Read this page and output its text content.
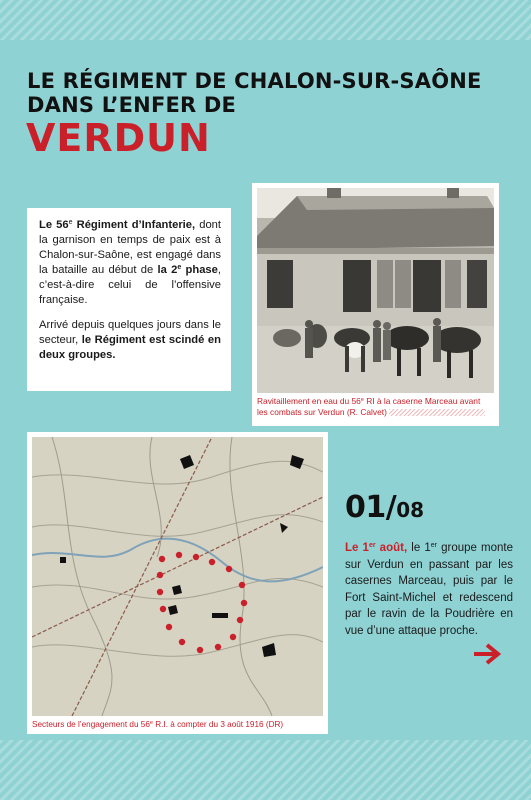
LE RÉGIMENT DE CHALON-SUR-SAÔNE
DANS L’ENFER DE
VERDUN

Le 56e Régiment d’Infanterie, dont la garnison en temps de paix est à Chalon-sur-Saône, est engagé dans la bataille au début de la 2e phase, c’est-à-dire celui de l’offensive française.

Arrivé depuis quelques jours dans le secteur, le Régiment est scindé en deux groupes.

Ravitaillement en eau du 56e RI à la caserne Marceau avant
les combats sur Verdun (R. Calvet)
Secteurs de l’engagement du 56e R.I. à compter du 3 août 1916 (DR)
01/08
Le 1er août, le 1er groupe monte sur Verdun en passant par les casernes Marceau, puis par le Fort Saint-Michel et redescend par le ravin de la Poudrière en vue d’une attaque proche.
